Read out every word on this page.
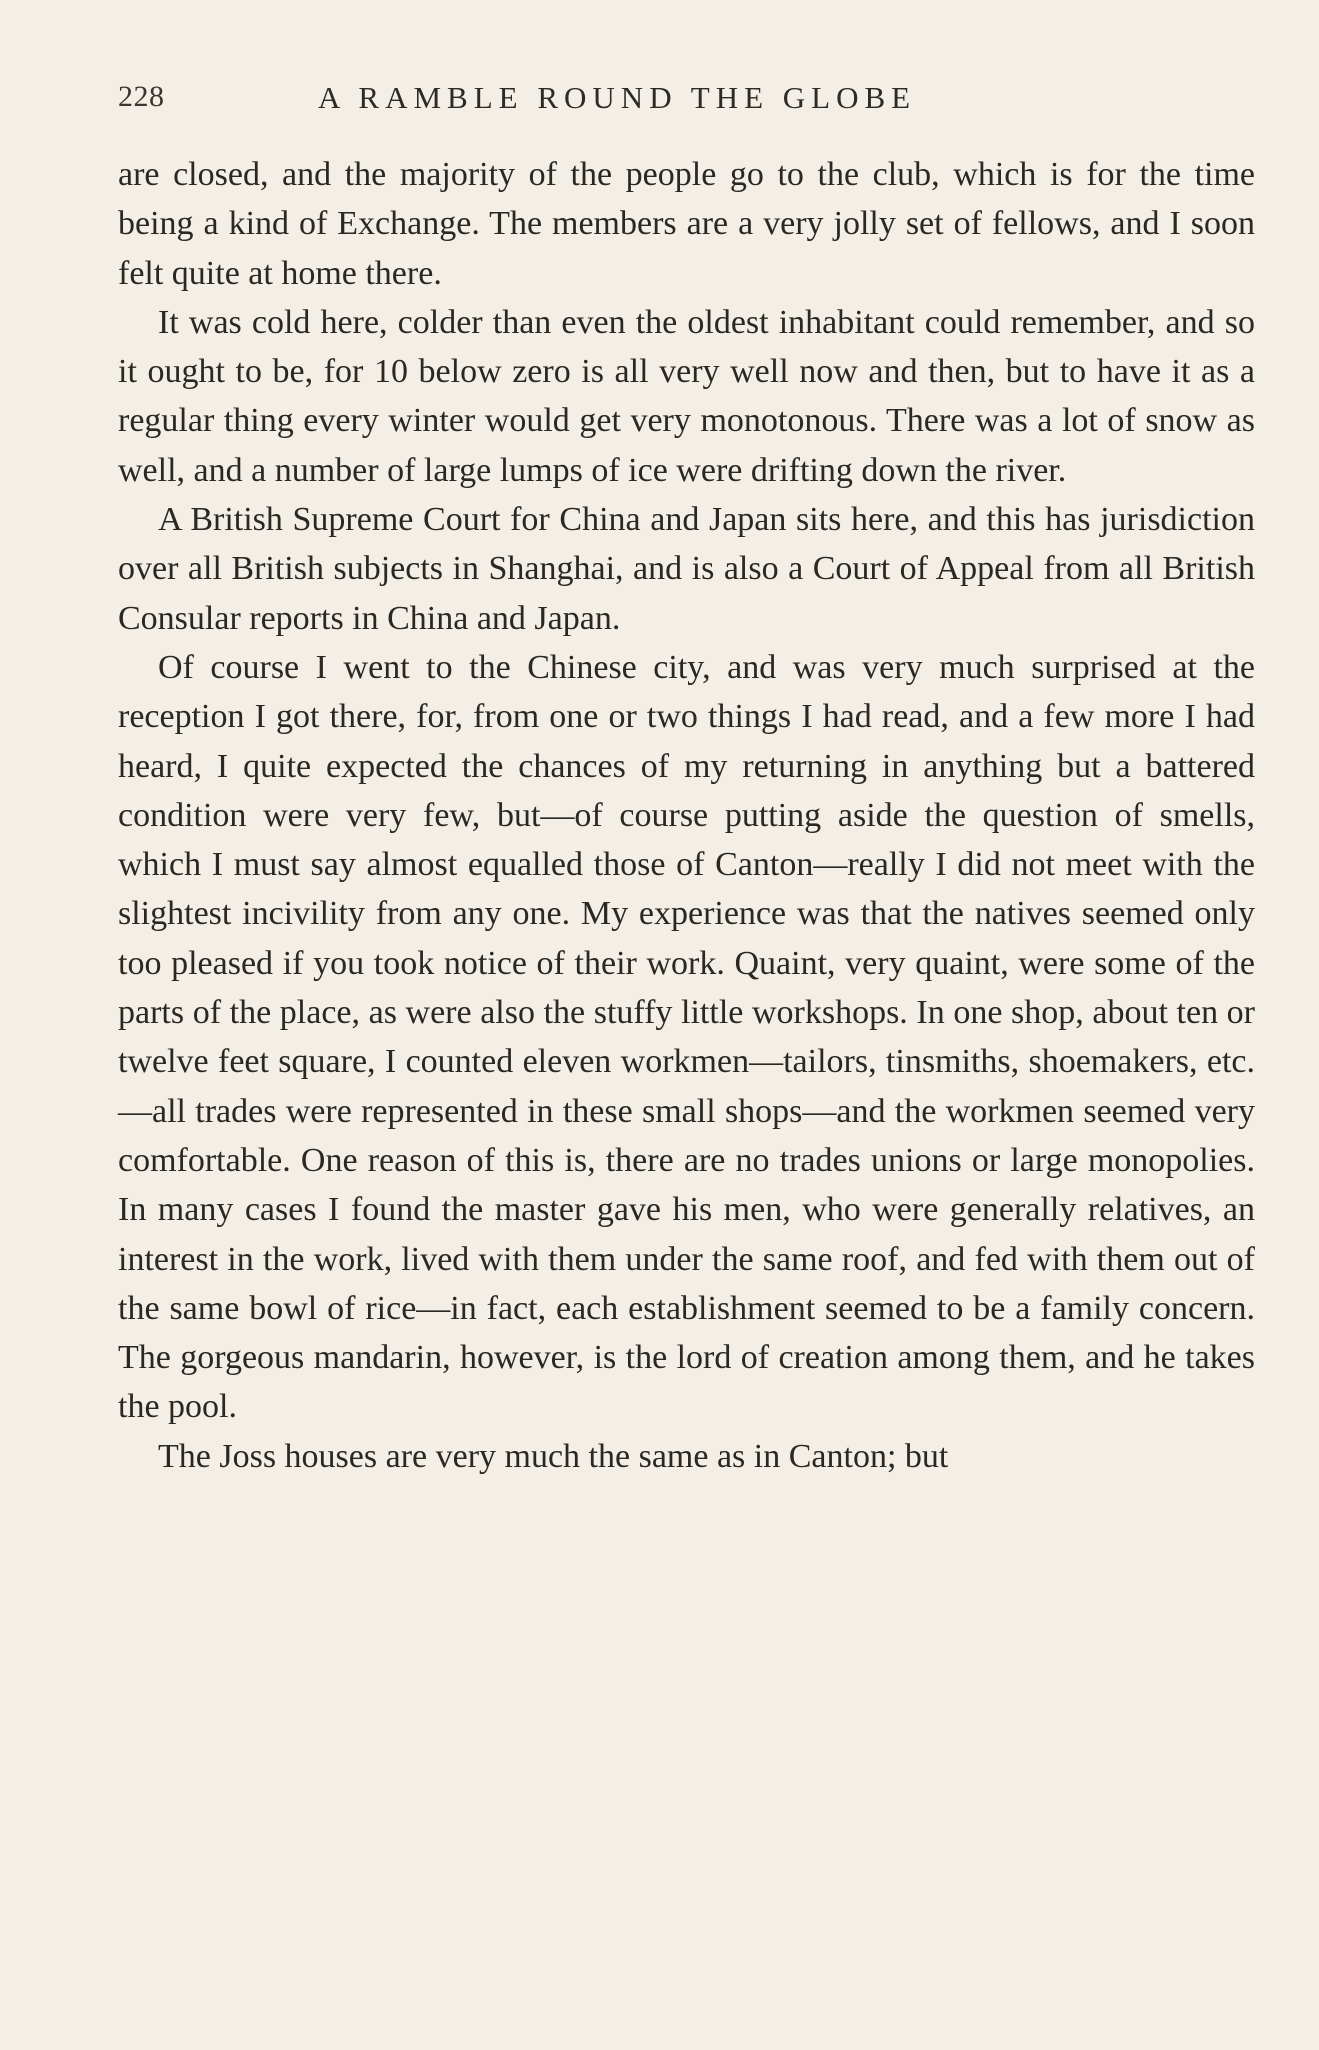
228	A RAMBLE ROUND THE GLOBE

are closed, and the majority of the people go to the club, which is for the time being a kind of Exchange. The members are a very jolly set of fellows, and I soon felt quite at home there.

It was cold here, colder than even the oldest inhabitant could remember, and so it ought to be, for 10 below zero is all very well now and then, but to have it as a regular thing every winter would get very monotonous. There was a lot of snow as well, and a number of large lumps of ice were drifting down the river.

A British Supreme Court for China and Japan sits here, and this has jurisdiction over all British subjects in Shanghai, and is also a Court of Appeal from all British Consular reports in China and Japan.

Of course I went to the Chinese city, and was very much surprised at the reception I got there, for, from one or two things I had read, and a few more I had heard, I quite expected the chances of my returning in anything but a battered condition were very few, but—of course putting aside the question of smells, which I must say almost equalled those of Canton—really I did not meet with the slightest incivility from any one. My experience was that the natives seemed only too pleased if you took notice of their work. Quaint, very quaint, were some of the parts of the place, as were also the stuffy little workshops. In one shop, about ten or twelve feet square, I counted eleven workmen—tailors, tinsmiths, shoemakers, etc.—all trades were represented in these small shops—and the workmen seemed very comfortable. One reason of this is, there are no trades unions or large monopolies. In many cases I found the master gave his men, who were generally relatives, an interest in the work, lived with them under the same roof, and fed with them out of the same bowl of rice—in fact, each establishment seemed to be a family concern. The gorgeous mandarin, however, is the lord of creation among them, and he takes the pool.

The Joss houses are very much the same as in Canton; but
